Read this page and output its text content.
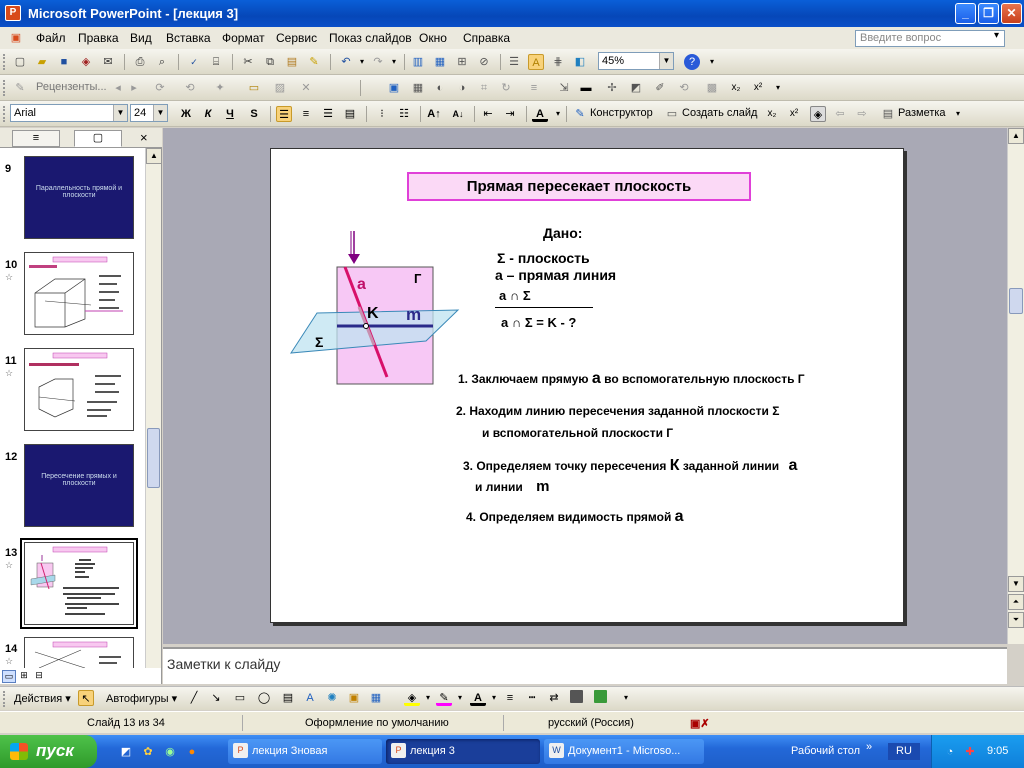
P Microsoft PowerPoint - [лекция 3]	_	❐	✕
▣ Файл Правка Вид Вставка Формат Сервис Показ слайдов Окно Справка	Введите вопрос	▾
▢	▰	■	◈	✉	⎙	⌕	✓	⌸	✂	⧉	▤	✎	↶	▾ ↷	▾	▥ ▦	⊞	⊘	☰	A	⋕	◧	45%	▼	?	▾
✎	Рецензенты... ◂ ▸	⟳	⟲	✦	▭ ▨	✕	▣ ▦	◐	◑	⌗	↻	≡	⇲	▬	✢	◩	✐	⟲	▩	x₂	x²	▾
Arial	▼ 24	▼ Ж	К	Ч	S	☰	≡	☰ ▤	⁝	☷ A↑ A↓	⇤	⇥	A	▾	✎ Конструктор ▭ Создать слайд	x₂	x²	◈	⇦	⇨	▤ Разметка	▾
≡	▢	×
9
Параллельность прямой и плоскости
10
☆
11
☆
12
Пересечение прямых и плоскости
13
☆
14
☆
▲
Прямая пересекает плоскость
a	Г
K m
Σ
Дано:
Σ - плоскость
а – прямая линия
а ∩ Σ
а ∩ Σ = K - ?
1. Заключаем прямую а во вспомогательную плоскость Г
2. Находим линию пересечения заданной плоскости Σ
и вспомогательной плоскости Г
3. Определяем точку пересечения К заданной линии а
и линии m
4. Определяем видимость прямой а
▲
▼
⏶
⏷
Заметки к слайду
▭ ⊞ ⊟
Действия ▾ ↖	Автофигуры ▾	╱	↘	▭ ◯ ▤	A	✺	▣ ▦	◈	▾ ✎	▾	A	▾ ≡	┅	⇄	▾
Слайд 13 из 34	Оформление по умолчанию	русский (Россия)	▣✗
пуск	◩	✿	◉	●	P лекция Зновая	P лекция 3	W Документ1 - Microso...	Рабочий стол »	RU	◔	✚	9:05
